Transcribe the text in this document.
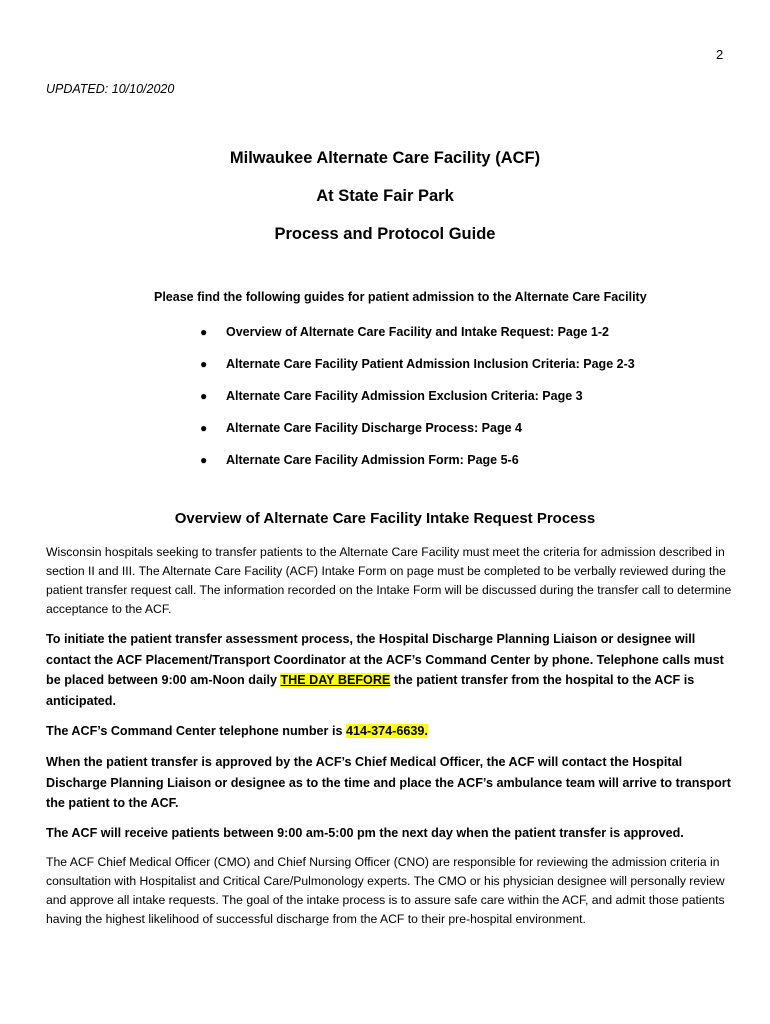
2
UPDATED: 10/10/2020
Milwaukee Alternate Care Facility (ACF)
At State Fair Park
Process and Protocol Guide
Please find the following guides for patient admission to the Alternate Care Facility
● Overview of Alternate Care Facility and Intake Request: Page 1-2
● Alternate Care Facility Patient Admission Inclusion Criteria: Page 2-3
● Alternate Care Facility Admission Exclusion Criteria: Page 3
● Alternate Care Facility Discharge Process: Page 4
● Alternate Care Facility Admission Form: Page 5-6
Overview of Alternate Care Facility Intake Request Process
Wisconsin hospitals seeking to transfer patients to the Alternate Care Facility must meet the criteria for admission described in section II and III. The Alternate Care Facility (ACF) Intake Form on page must be completed to be verbally reviewed during the patient transfer request call. The information recorded on the Intake Form will be discussed during the transfer call to determine acceptance to the ACF.
To initiate the patient transfer assessment process, the Hospital Discharge Planning Liaison or designee will contact the ACF Placement/Transport Coordinator at the ACF’s Command Center by phone. Telephone calls must be placed between 9:00 am-Noon daily THE DAY BEFORE the patient transfer from the hospital to the ACF is anticipated.
The ACF’s Command Center telephone number is 414-374-6639.
When the patient transfer is approved by the ACF’s Chief Medical Officer, the ACF will contact the Hospital Discharge Planning Liaison or designee as to the time and place the ACF’s ambulance team will arrive to transport the patient to the ACF.
The ACF will receive patients between 9:00 am-5:00 pm the next day when the patient transfer is approved.
The ACF Chief Medical Officer (CMO) and Chief Nursing Officer (CNO) are responsible for reviewing the admission criteria in consultation with Hospitalist and Critical Care/Pulmonology experts. The CMO or his physician designee will personally review and approve all intake requests. The goal of the intake process is to assure safe care within the ACF, and admit those patients having the highest likelihood of successful discharge from the ACF to their pre-hospital environment.
